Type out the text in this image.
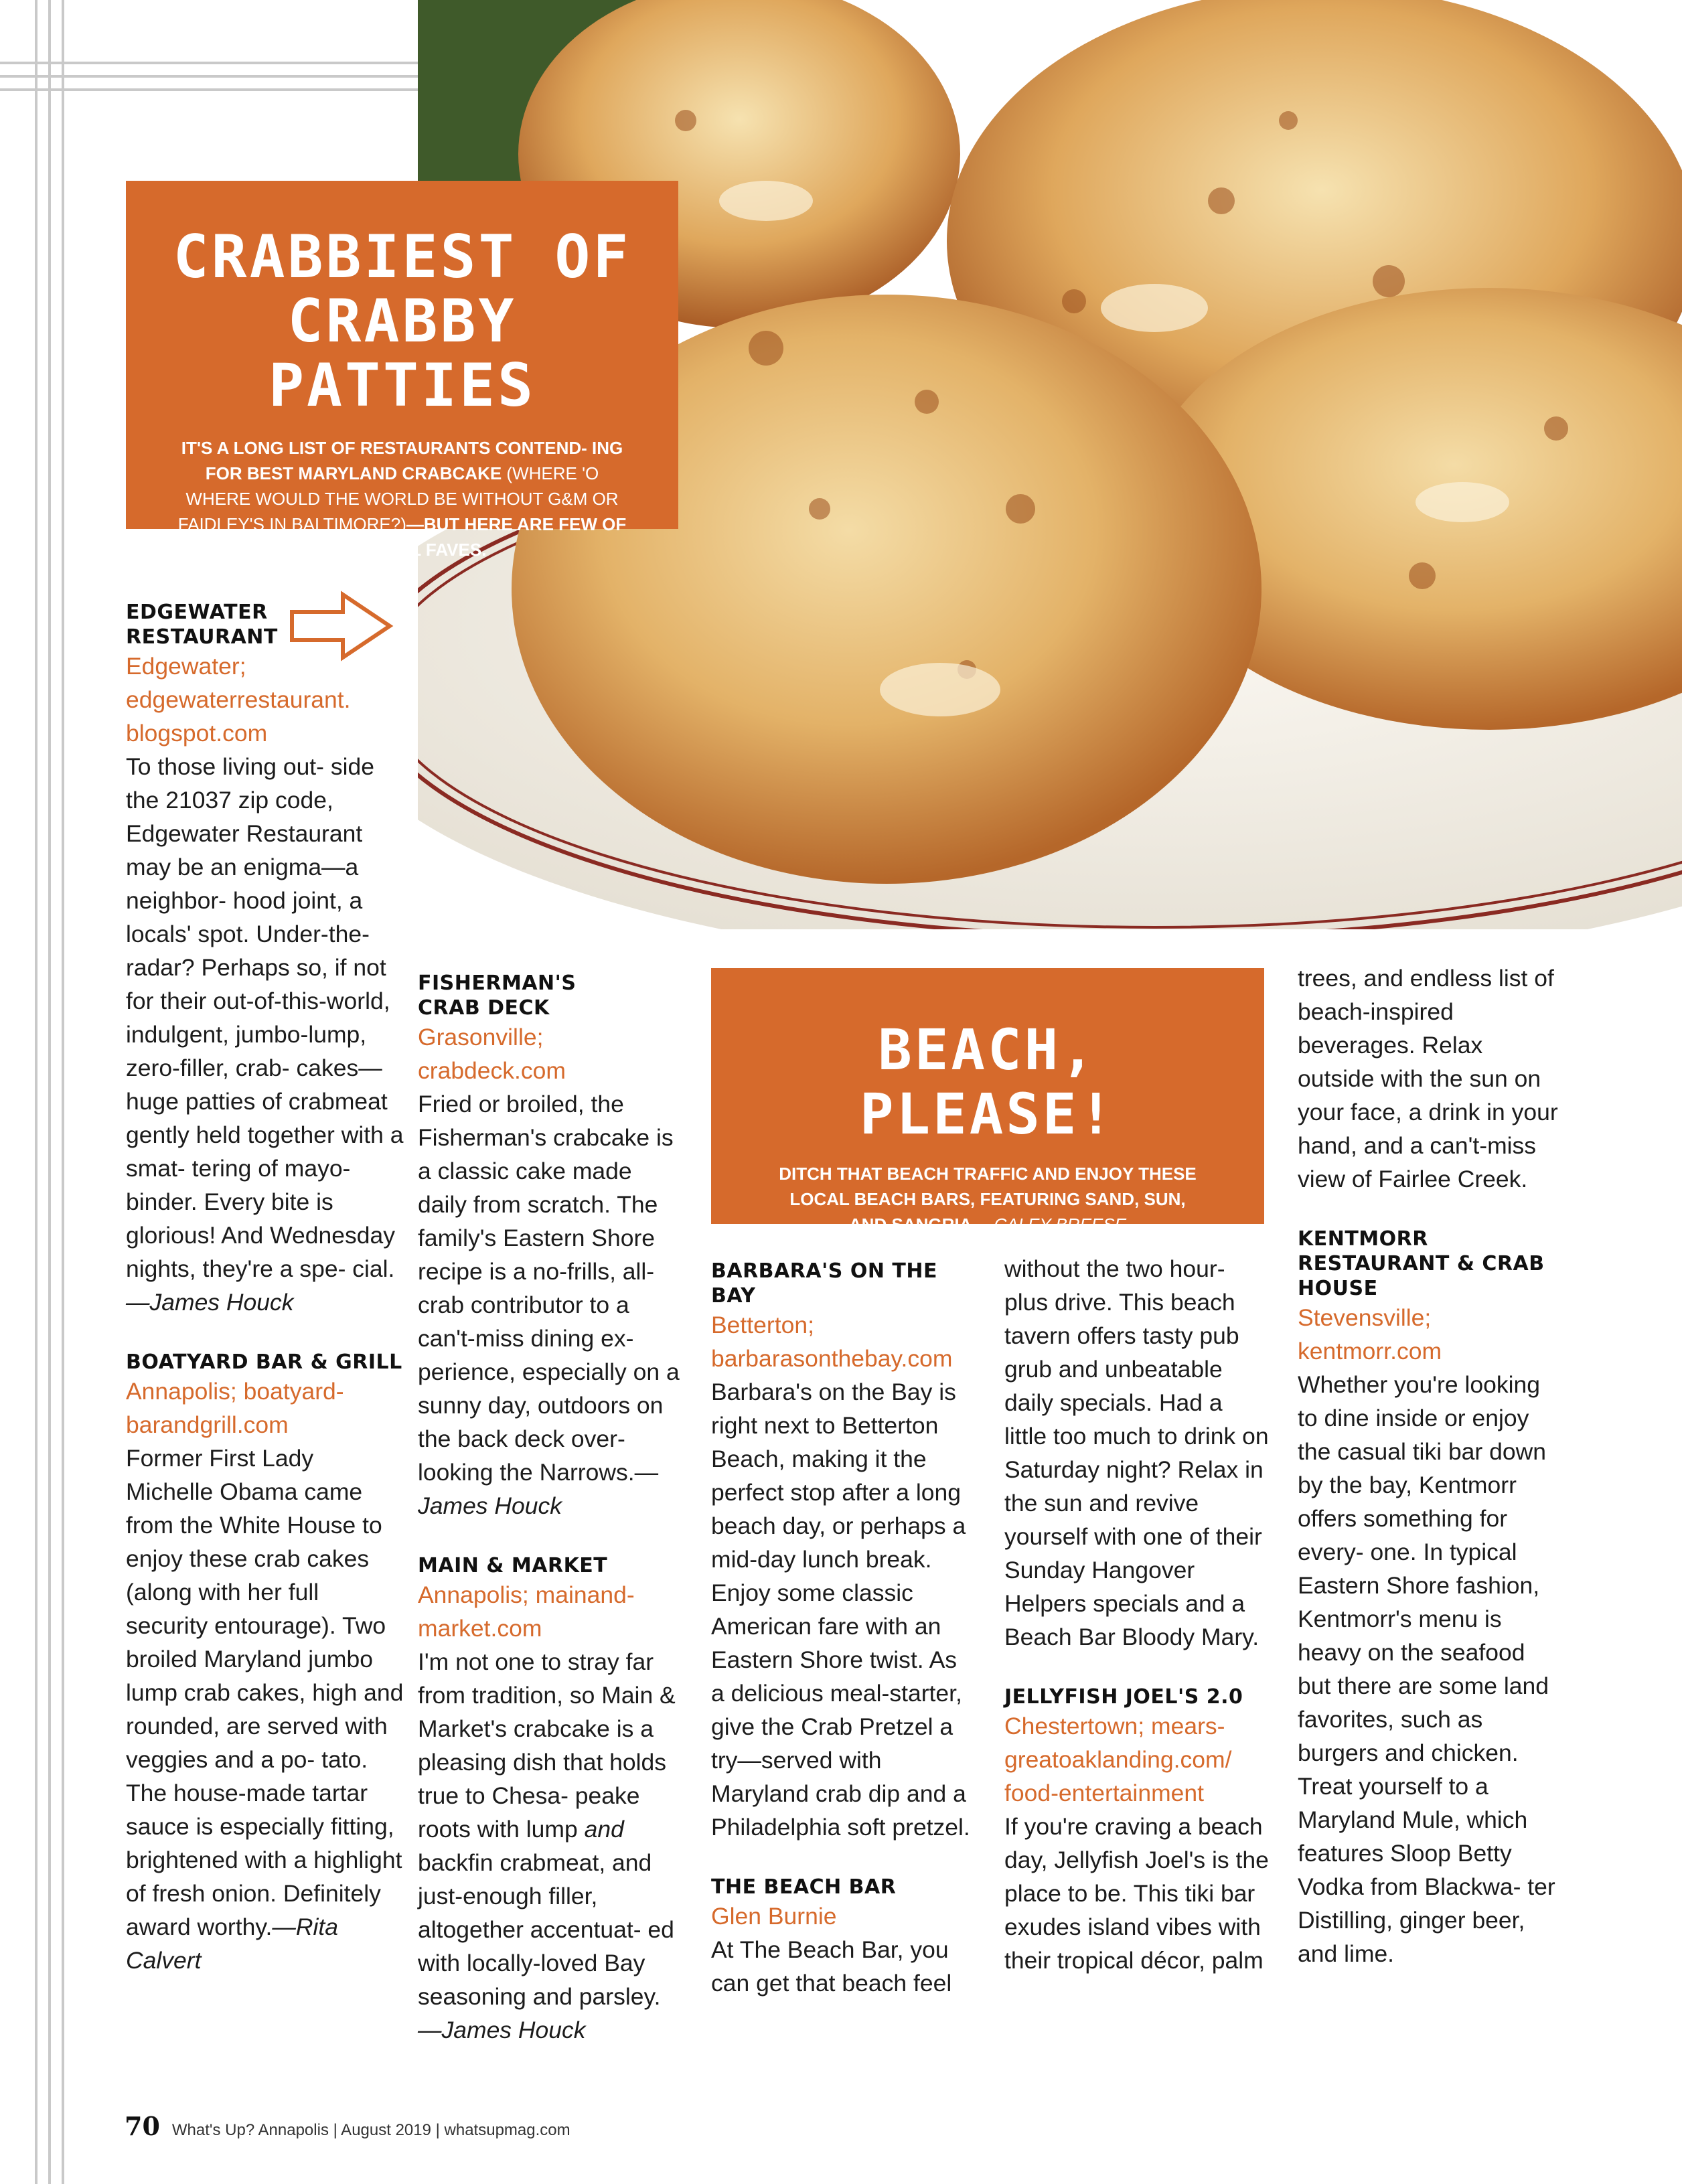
CRABBIEST OF

CRABBY PATTIES

IT'S A LONG LIST OF RESTAURANTS CONTEND- ING FOR BEST MARYLAND CRABCAKE (WHERE 'O WHERE WOULD THE WORLD BE WITHOUT G&M OR FAIDLEY'S IN BALTIMORE?)—BUT HERE ARE FEW OF OUR LOCAL FAVES.

EDGEWATER

RESTAURANT

Edgewater; edgewaterrestaurant. blogspot.com

To those living out- side the 21037 zip code, Edgewater Restaurant may be an enigma—a neighbor- hood joint, a locals' spot. Under-the-radar? Perhaps so, if not for their out-of-this-world, indulgent, jumbo-lump, zero-filler, crab- cakes—huge patties of crabmeat gently held together with a smat- tering of mayo-binder. Every bite is glorious! And Wednesday nights, they're a spe- cial.—James Houck

BOATYARD BAR & GRILL

Annapolis; boatyard- barandgrill.com

Former First Lady Michelle Obama came from the White House to enjoy these crab cakes (along with her full security entourage). Two broiled Maryland jumbo lump crab cakes, high and rounded, are served with veggies and a po- tato. The house-made tartar sauce is especially fitting, brightened with a highlight of fresh onion. Definitely award worthy.—Rita Calvert

FISHERMAN'S

CRAB DECK

Grasonville; crabdeck.com

Fried or broiled, the Fisherman's crabcake is a classic cake made daily from scratch. The family's Eastern Shore recipe is a no-frills, all-crab contributor to a can't-miss dining ex- perience, especially on a sunny day, outdoors on the back deck over- looking the Narrows.—James Houck

MAIN & MARKET

Annapolis; mainand- market.com

I'm not one to stray far from tradition, so Main & Market's crabcake is a pleasing dish that holds true to Chesa- peake roots with lump and backfin crabmeat, and just-enough filler, altogether accentuat- ed with locally-loved Bay seasoning and parsley.—James Houck

BEACH, PLEASE!

DITCH THAT BEACH TRAFFIC AND ENJOY THESE LOCAL BEACH BARS, FEATURING SAND, SUN, AND SANGRIA.—CALEY BREESE

BARBARA'S ON THE BAY

Betterton; barbarasonthebay.com

Barbara's on the Bay is right next to Betterton Beach, making it the perfect stop after a long beach day, or perhaps a mid-day lunch break. Enjoy some classic American fare with an Eastern Shore twist. As a delicious meal-starter, give the Crab Pretzel a try—served with Maryland crab dip and a Philadelphia soft pretzel.

THE BEACH BAR

Glen Burnie

At The Beach Bar, you can get that beach feel

without the two hour- plus drive. This beach tavern offers tasty pub grub and unbeatable daily specials. Had a little too much to drink on Saturday night? Relax in the sun and revive yourself with one of their Sunday Hangover Helpers specials and a Beach Bar Bloody Mary.

JELLYFISH JOEL'S 2.0

Chestertown; mears- greatoaklanding.com/ food-entertainment

If you're craving a beach day, Jellyfish Joel's is the place to be. This tiki bar exudes island vibes with their tropical décor, palm

trees, and endless list of beach-inspired beverages. Relax outside with the sun on your face, a drink in your hand, and a can't-miss view of Fairlee Creek.

KENTMORR RESTAURANT & CRAB HOUSE

Stevensville; kentmorr.com

Whether you're looking to dine inside or enjoy the casual tiki bar down by the bay, Kentmorr offers something for every- one. In typical Eastern Shore fashion, Kentmorr's menu is heavy on the seafood but there are some land favorites, such as burgers and chicken. Treat yourself to a Maryland Mule, which features Sloop Betty Vodka from Blackwa- ter Distilling, ginger beer, and lime.

70 What's Up? Annapolis | August 2019 | whatsupmag.com
